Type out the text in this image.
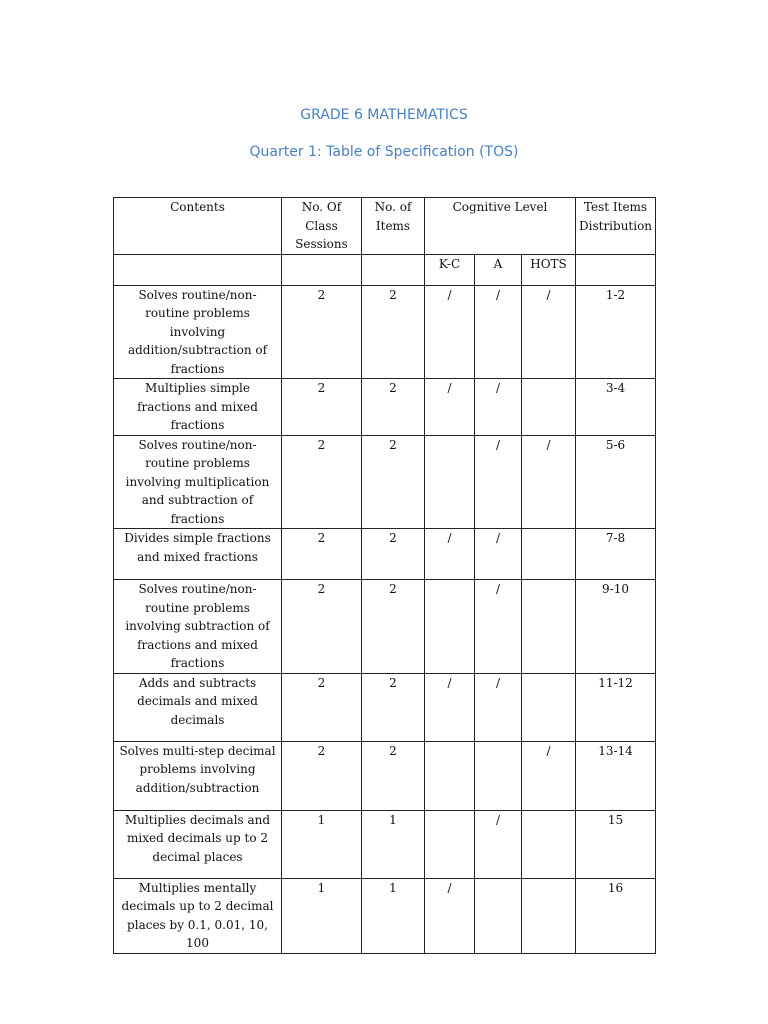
GRADE 6 MATHEMATICS
Quarter 1: Table of Specification (TOS)
Contents	No. Of Class Sessions	No. of Items	Cognitive Level			Test Items Distribution
			K-C	A	HOTS	
Solves routine/non-routine problems involving addition/subtraction of fractions	2	2	/	/	/	1-2
Multiplies simple fractions and mixed fractions	2	2	/	/		3-4
Solves routine/non-routine problems involving multiplication and subtraction of fractions	2	2		/	/	5-6
Divides simple fractions and mixed fractions	2	2	/	/		7-8
Solves routine/non-routine problems involving subtraction of fractions and mixed fractions	2	2		/		9-10
Adds and subtracts decimals and mixed decimals	2	2	/	/		11-12
Solves multi-step decimal problems involving addition/subtraction	2	2			/	13-14
Multiplies decimals and mixed decimals up to 2 decimal places	1	1		/		15
Multiplies mentally decimals up to 2 decimal places by 0.1, 0.01, 10, 100	1	1	/			16
